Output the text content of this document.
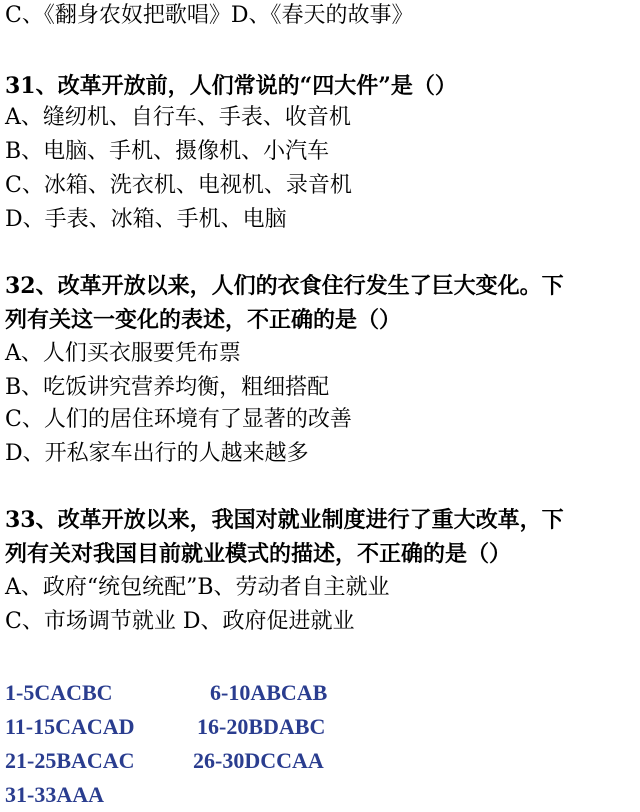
C、《翻身农奴把歌唱》D、《春天的故事》
31、改革开放前，人们常说的“四大件”是（）
A、缝纫机、自行车、手表、收音机
B、电脑、手机、摄像机、小汽车
C、冰箱、洗衣机、电视机、录音机
D、手表、冰箱、手机、电脑
32、改革开放以来，人们的衣食住行发生了巨大变化。下
列有关这一变化的表述，不正确的是（）
A、人们买衣服要凭布票
B、吃饭讲究营养均衡，粗细搭配
C、人们的居住环境有了显著的改善
D、开私家车出行的人越来越多
33、改革开放以来，我国对就业制度进行了重大改革，下
列有关对我国目前就业模式的描述，不正确的是（）
A、政府“统包统配”B、劳动者自主就业
C、市场调节就业 D、政府促进就业
1-5CACBC	6-10ABCAB
11-15CACAD	16-20BDABC
21-25BACAC	26-30DCCAA
31-33AAA
